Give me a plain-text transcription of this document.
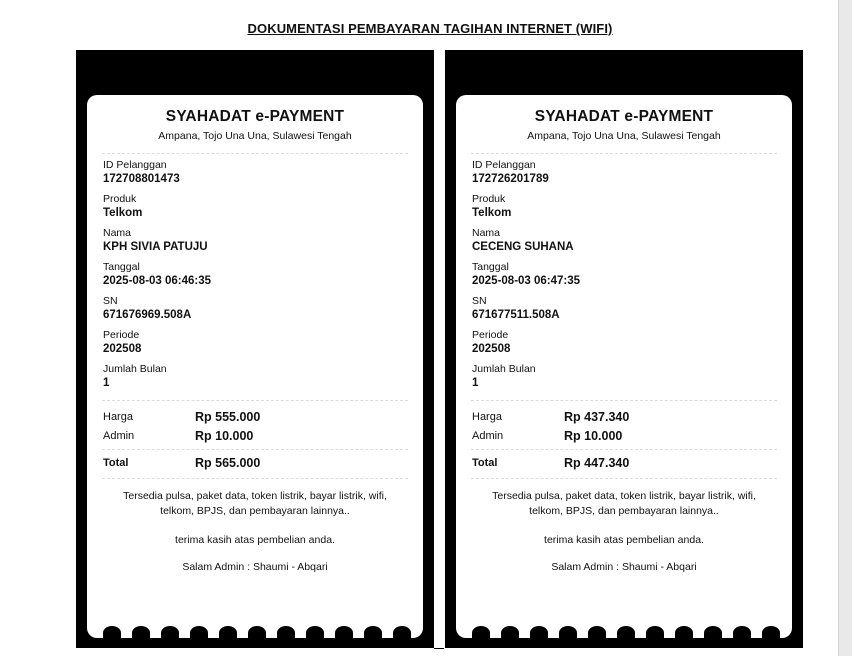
DOKUMENTASI PEMBAYARAN TAGIHAN INTERNET (WIFI)
SYAHADAT e-PAYMENT
Ampana, Tojo Una Una, Sulawesi Tengah
ID Pelanggan
172708801473
Produk
Telkom
Nama
KPH SIVIA PATUJU
Tanggal
2025-08-03 06:46:35
SN
671676969.508A
Periode
202508
Jumlah Bulan
1
Harga	Rp 555.000
Admin	Rp 10.000
Total	Rp 565.000
Tersedia pulsa, paket data, token listrik, bayar listrik, wifi, telkom, BPJS, dan pembayaran lainnya..
terima kasih atas pembelian anda.
Salam Admin : Shaumi - Abqari
SYAHADAT e-PAYMENT
Ampana, Tojo Una Una, Sulawesi Tengah
ID Pelanggan
172726201789
Produk
Telkom
Nama
CECENG SUHANA
Tanggal
2025-08-03 06:47:35
SN
671677511.508A
Periode
202508
Jumlah Bulan
1
Harga	Rp 437.340
Admin	Rp 10.000
Total	Rp 447.340
Tersedia pulsa, paket data, token listrik, bayar listrik, wifi, telkom, BPJS, dan pembayaran lainnya..
terima kasih atas pembelian anda.
Salam Admin : Shaumi - Abqari
